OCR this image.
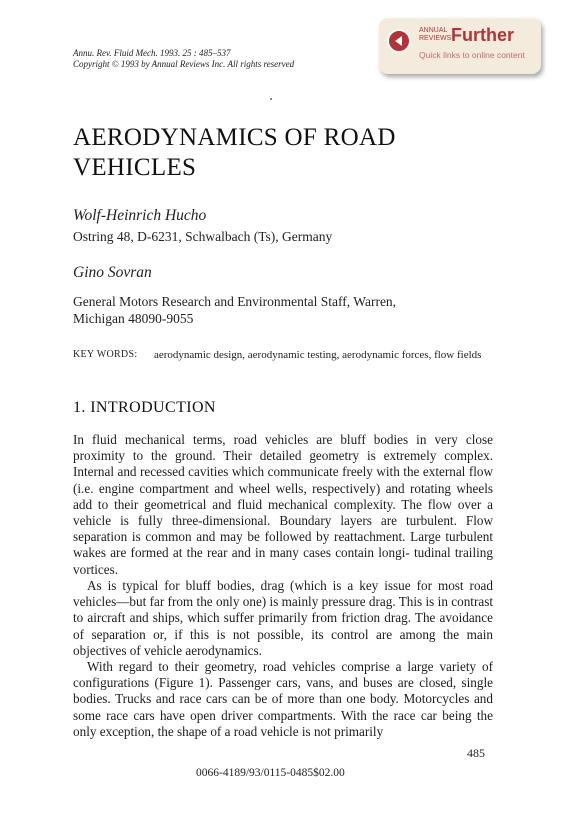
Annu. Rev. Fluid Mech. 1993. 25 : 485–537
Copyright © 1993 by Annual Reviews Inc. All rights reserved
ANNUAL
REVIEWS Further
Quick links to online content
AERODYNAMICS OF ROAD VEHICLES
Wolf-Heinrich Hucho
Ostring 48, D-6231, Schwalbach (Ts), Germany
Gino Sovran
General Motors Research and Environmental Staff, Warren, Michigan 48090-9055
KEY WORDS: aerodynamic design, aerodynamic testing, aerodynamic forces, flow fields
1. INTRODUCTION
In fluid mechanical terms, road vehicles are bluff bodies in very close proximity to the ground. Their detailed geometry is extremely complex. Internal and recessed cavities which communicate freely with the external flow (i.e. engine compartment and wheel wells, respectively) and rotating wheels add to their geometrical and fluid mechanical complexity. The flow over a vehicle is fully three-dimensional. Boundary layers are turbulent. Flow separation is common and may be followed by reattachment. Large turbulent wakes are formed at the rear and in many cases contain longi- tudinal trailing vortices.
As is typical for bluff bodies, drag (which is a key issue for most road vehicles—but far from the only one) is mainly pressure drag. This is in contrast to aircraft and ships, which suffer primarily from friction drag. The avoidance of separation or, if this is not possible, its control are among the main objectives of vehicle aerodynamics.
With regard to their geometry, road vehicles comprise a large variety of configurations (Figure 1). Passenger cars, vans, and buses are closed, single bodies. Trucks and race cars can be of more than one body. Motorcycles and some race cars have open driver compartments. With the race car being the only exception, the shape of a road vehicle is not primarily
485
0066-4189/93/0115-0485$02.00
